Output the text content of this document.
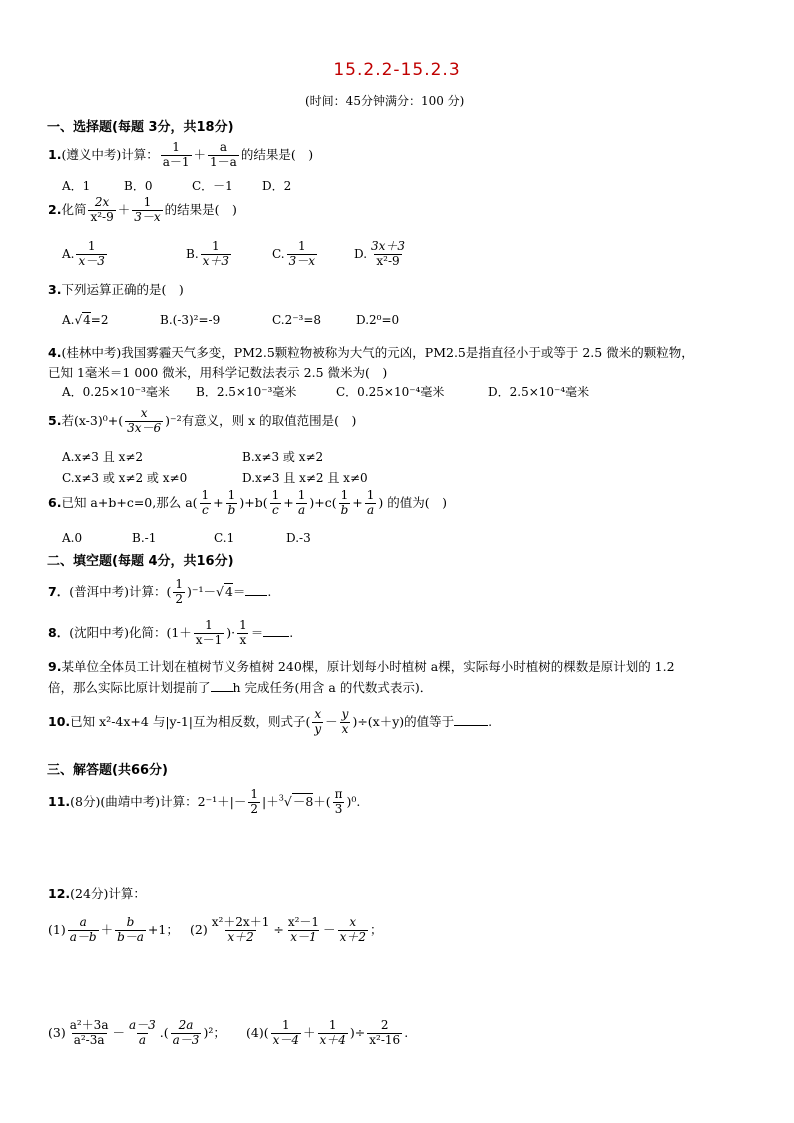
15.2.2-15.2.3
(时间：45分钟满分：100 分)
一、选择题(每题 3分，共18分)
1.(遵义中考)计算： $\frac{1}{a-1} + \frac{a}{1-a}$ 的结果是(　)
A．1	B．0	C．－1 D．2
2.化简 $\frac{2x}{\text{x²-9}} + \frac{1}{3-x}$ 的结果是(　)
A. $\frac{1}{x-3}$	B. $\frac{1}{x+3}$	C. $\frac{1}{3-x}$	D. $\frac{3x+3}{\text{x²-9}}$
3.下列运算正确的是(　)
A.√4=2	B.(-3)²=-9	C.2⁻³=8	D.2⁰=0
4.(桂林中考)我国雾霾天气多变，PM2.5颗粒物被称为大气的元凶，PM2.5是指直径小于或等于 2.5 微米的颗粒物，
已知 1毫米＝1 000 微米，用科学记数法表示 2.5 微米为(　)
A．0.25×10⁻³毫米 B．2.5×10⁻³毫米	C．0.25×10⁻⁴毫米	D．2.5×10⁻⁴毫米
5.若$(x-3)^0+( \frac{x}{3x-6} )^{-2}$有意义，则 x 的取值范围是(　)
A.x≠3 且 x≠2	B.x≠3 或 x≠2
C.x≠3 或 x≠2 或 x≠0	D.x≠3 且 x≠2 且 x≠0
6.已知 a+b+c=0,那么 $a( \frac{1}{c} + \frac{1}{b} )+b( \frac{1}{c} + \frac{1}{a} )+c( \frac{1}{b} + \frac{1}{a}$ ) 的值为(　)
A.0	B.-1	C.1	D.-3
二、填空题(每题 4分，共16分)
7．(普洱中考)计算：( $\frac{1}{2} )^{-1}-√4=$ .
8．(沈阳中考)化简：($1+ \frac{1}{x-1}$ )· $\frac{1}{x}$ ＝ .
9.某单位全体员工计划在植树节义务植树 240棵，原计划每小时植树 a棵，实际每小时植树的棵数是原计划的 1.2
倍，那么实际比原计划提前了 h 完成任务(用含 a 的代数式表示)．
10.已知 x²-4x+4 与|y-1|互为相反数，则式子( $\frac{x}{y} - \frac{y}{x} )\div(x+y)$的值等于	.
三、解答题(共66分)
11.(8分)(曲靖中考)计算：$2^{-1}+|- \frac{1}{2} |+^3√-8+( \frac{\pi}{3} )^0$.
12.(24分)计算：
$(1) \frac{a}{a-b} + \frac{b}{b-a} +1$； $(2) \frac{\text{x²＋2x＋1}}{x+2} \div \frac{\text{x²－1}}{x-1} - \frac{x}{x+2}$ ；
$(3) \frac{\text{a²＋3a}}{\text{a²-3a}} - \frac{a-3}{a}$ .( $\frac{2a}{a-3} )^2$； $(4)( \frac{1}{x-4} + \frac{1}{x+4}$ )÷ $\frac{2}{\text{x²-16}}$ .
